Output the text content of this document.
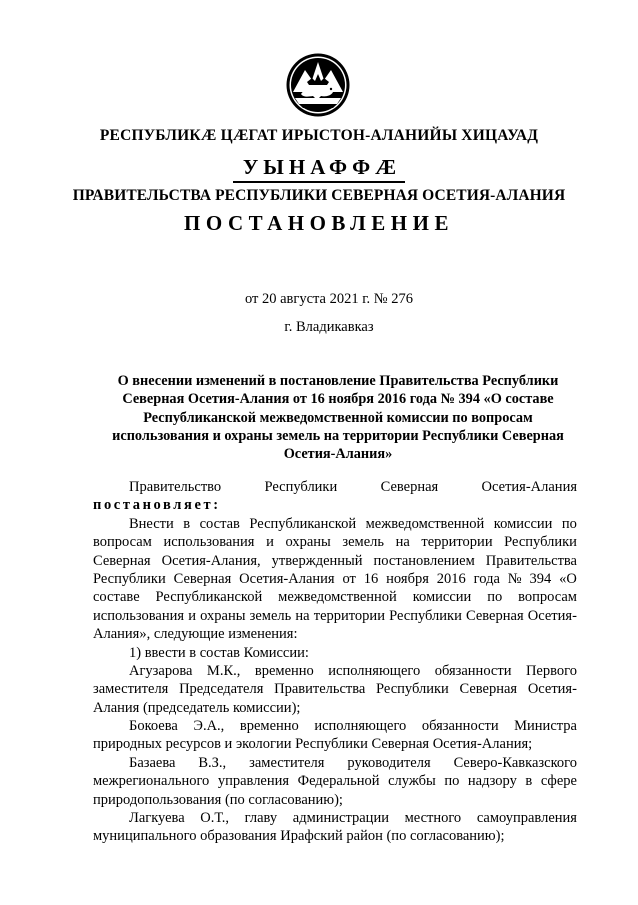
РЕСПУБЛИКÆ ЦÆГАТ ИРЫСТОН-АЛАНИЙЫ ХИЦАУАД
УЫНАФФÆ
ПРАВИТЕЛЬСТВА РЕСПУБЛИКИ СЕВЕРНАЯ ОСЕТИЯ-АЛАНИЯ
ПОСТАНОВЛЕНИЕ
от 20 августа 2021 г. № 276
г. Владикавказ
О внесении изменений в постановление Правительства Республики
Северная Осетия-Алания от 16 ноября 2016 года № 394 «О составе
Республиканской межведомственной комиссии по вопросам
использования и охраны земель на территории Республики Северная
Осетия-Алания»
Правительство	Республики	Северная	Осетия-Алания
постановляет:
Внести в состав Республиканской межведомственной комиссии по
вопросам использования и охраны земель на территории Республики
Северная Осетия-Алания, утвержденный постановлением Правительства
Республики Северная Осетия-Алания от 16 ноября 2016 года № 394 «О
составе Республиканской межведомственной комиссии по вопросам
использования и охраны земель на территории Республики Северная Осетия-
Алания», следующие изменения:
1) ввести в состав Комиссии:
Агузарова М.К., временно исполняющего обязанности Первого
заместителя Председателя Правительства Республики Северная Осетия-
Алания (председатель комиссии);
Бокоева Э.А., временно исполняющего обязанности Министра
природных ресурсов и экологии Республики Северная Осетия-Алания;
Базаева В.З., заместителя руководителя Северо-Кавказского
межрегионального управления Федеральной службы по надзору в сфере
природопользования (по согласованию);
Лагкуева О.Т., главу администрации местного самоуправления
муниципального образования Ирафский район (по согласованию);
